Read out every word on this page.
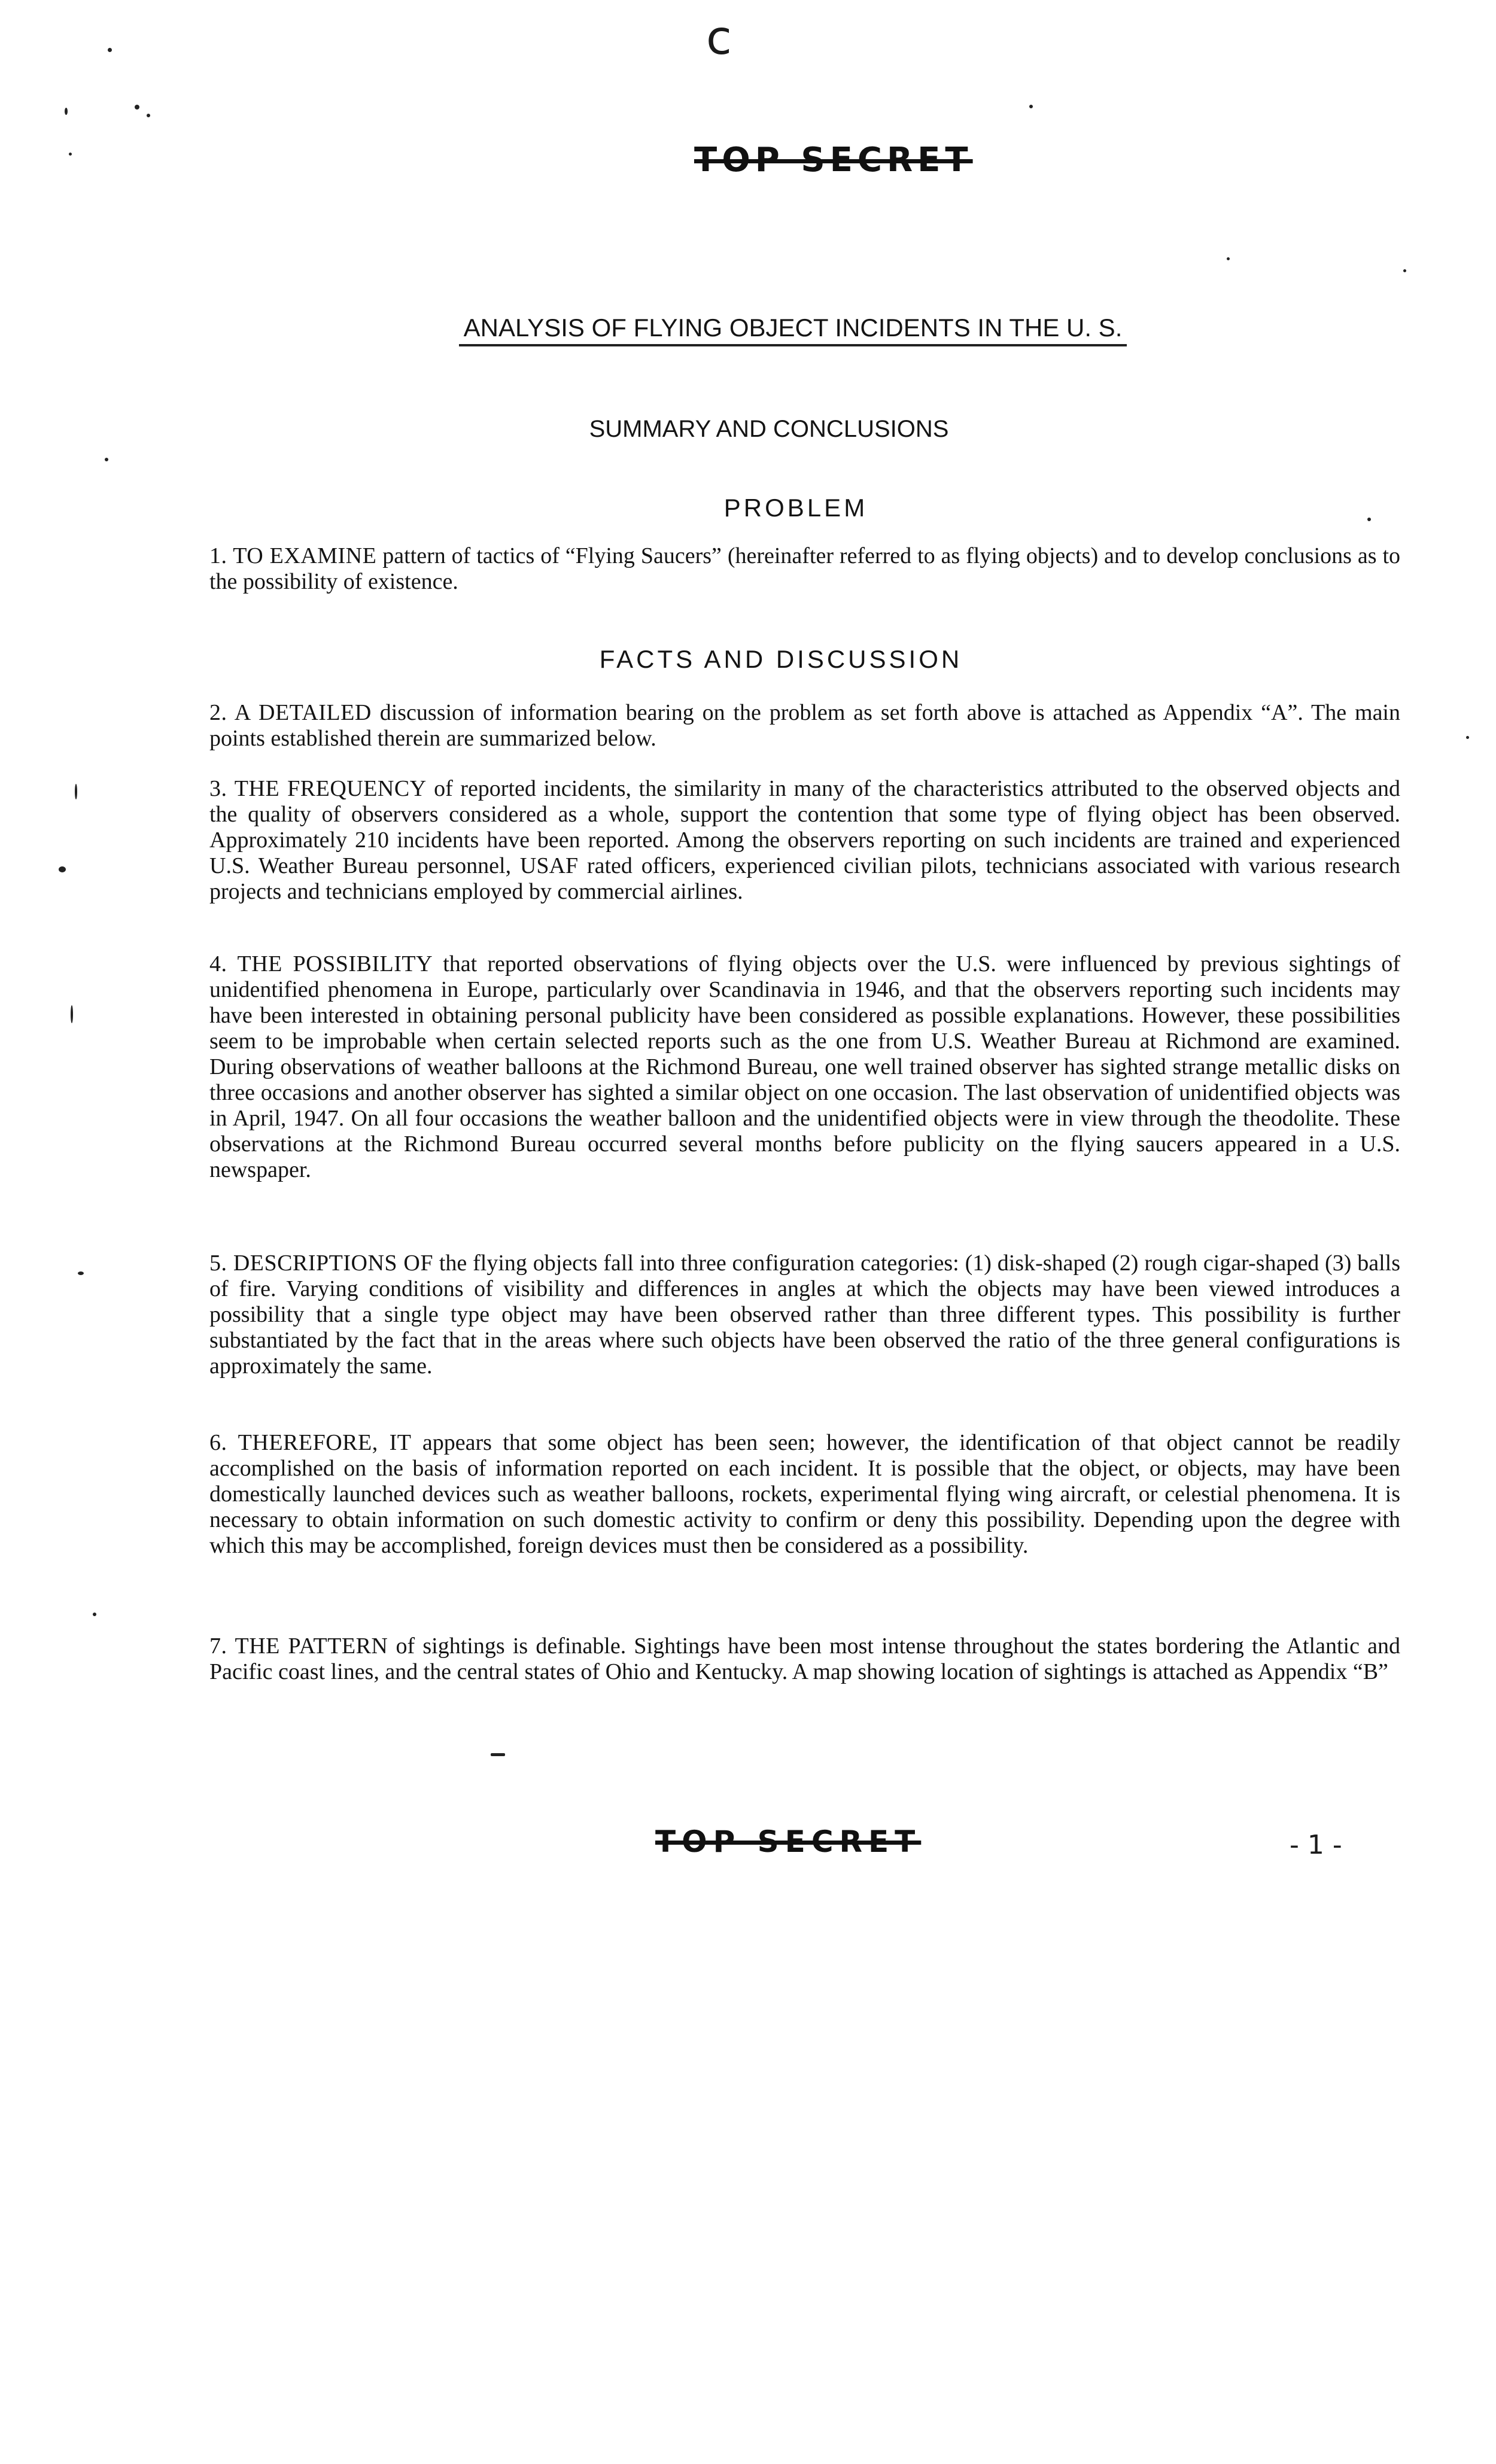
c
TOP SECRET
ANALYSIS OF FLYING OBJECT INCIDENTS IN THE U. S.
SUMMARY AND CONCLUSIONS
PROBLEM

1. TO EXAMINE pattern of tactics of “Flying Saucers” (hereinafter referred to as flying objects) and to develop conclusions as to the possibility of existence.

FACTS AND DISCUSSION

2. A DETAILED discussion of information bearing on the problem as set forth above is attached as Appendix “A”. The main points established therein are summarized below.

3. THE FREQUENCY of reported incidents, the similarity in many of the characteristics attributed to the observed objects and the quality of observers considered as a whole, support the contention that some type of flying object has been observed. Approximately 210 incidents have been reported. Among the observers reporting on such incidents are trained and experienced U.S. Weather Bureau personnel, USAF rated officers, experienced civilian pilots, technicians associated with various research projects and technicians employed by commercial airlines.

4. THE POSSIBILITY that reported observations of flying objects over the U.S. were influenced by previous sightings of unidentified phenomena in Europe, particularly over Scandinavia in 1946, and that the observers reporting such incidents may have been interested in obtaining personal publicity have been considered as possible explanations. However, these possibilities seem to be improbable when certain selected reports such as the one from U.S. Weather Bureau at Richmond are examined. During observations of weather balloons at the Richmond Bureau, one well trained observer has sighted strange metallic disks on three occasions and another observer has sighted a similar object on one occasion. The last observation of unidentified objects was in April, 1947. On all four occasions the weather balloon and the unidentified objects were in view through the theodolite. These observations at the Richmond Bureau occurred several months before publicity on the flying saucers appeared in a U.S. newspaper.

5. DESCRIPTIONS OF the flying objects fall into three configuration categories: (1) disk-shaped (2) rough cigar-shaped (3) balls of fire. Varying conditions of visibility and differences in angles at which the objects may have been viewed introduces a possibility that a single type object may have been observed rather than three different types. This possibility is further substantiated by the fact that in the areas where such objects have been observed the ratio of the three general configurations is approximately the same.

6. THEREFORE, IT appears that some object has been seen; however, the identification of that object cannot be readily accomplished on the basis of information reported on each incident. It is possible that the object, or objects, may have been domestically launched devices such as weather balloons, rockets, experimental flying wing aircraft, or celestial phenomena. It is necessary to obtain information on such domestic activity to confirm or deny this possibility. Depending upon the degree with which this may be accomplished, foreign devices must then be considered as a possibility.

7. THE PATTERN of sightings is definable. Sightings have been most intense throughout the states bordering the Atlantic and Pacific coast lines, and the central states of Ohio and Kentucky. A map showing location of sightings is attached as Appendix “B”

TOP SECRET	- 1 -
